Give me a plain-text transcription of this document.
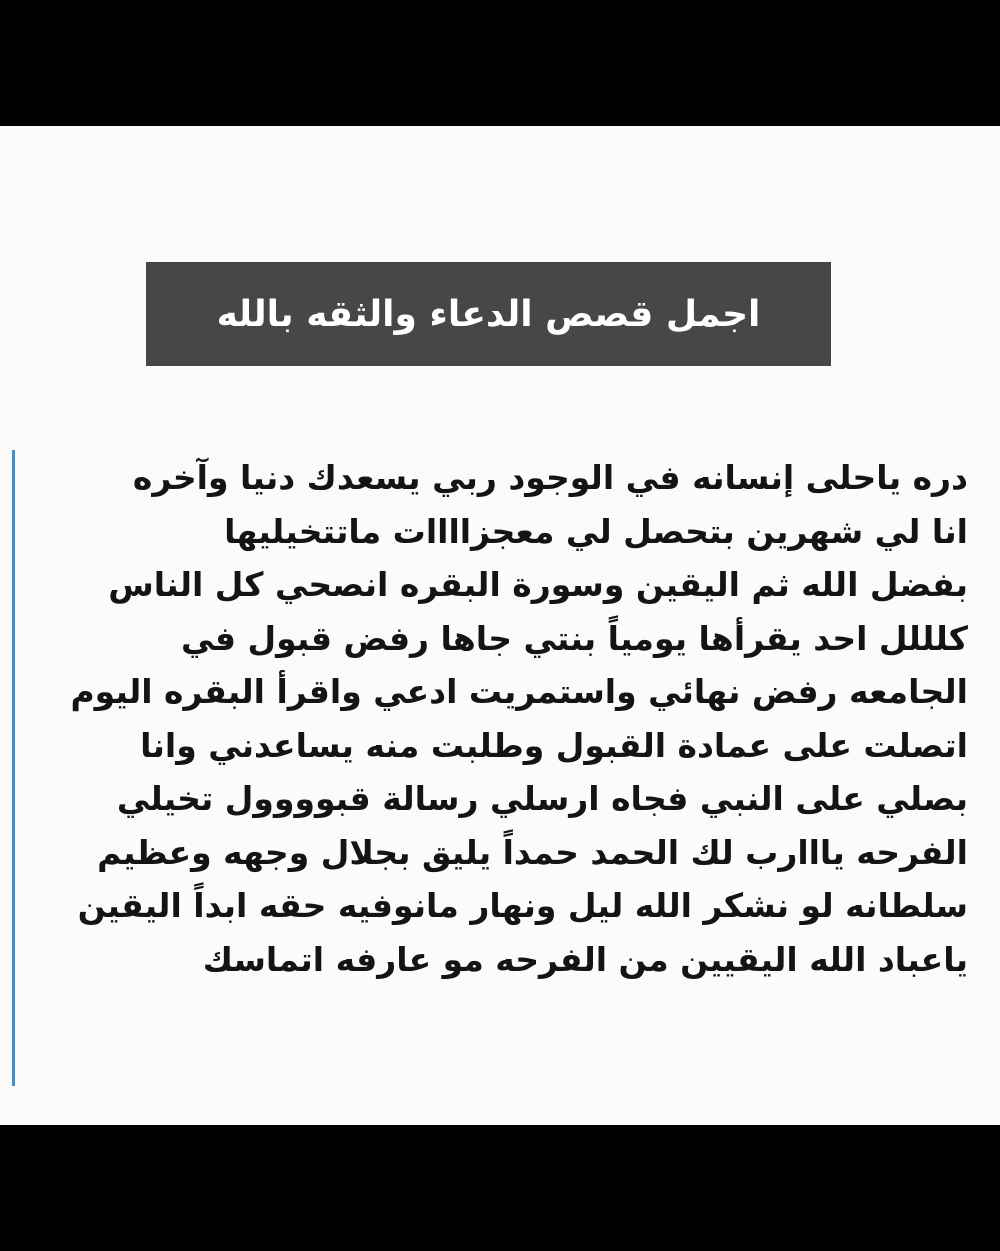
اجمل قصص الدعاء والثقه بالله
دره ياحلى إنسانه في الوجود ربي يسعدك دنيا وآخره
انا لي شهرين بتحصل لي معجزاااات ماتتخيليها
بفضل الله ثم اليقين وسورة البقره انصحي كل الناس
كلللل احد يقرأها يومياً بنتي جاها رفض قبول في
الجامعه رفض نهائي واستمريت ادعي واقرأ البقره اليوم
اتصلت على عمادة القبول وطلبت منه يساعدني وانا
بصلي على النبي فجاه ارسلي رسالة قبوووول تخيلي
الفرحه يااارب لك الحمد حمداً يليق بجلال وجهه وعظيم
سلطانه لو نشكر الله ليل ونهار مانوفيه حقه ابداً اليقين
ياعباد الله اليقيين من الفرحه مو عارفه اتماسك
